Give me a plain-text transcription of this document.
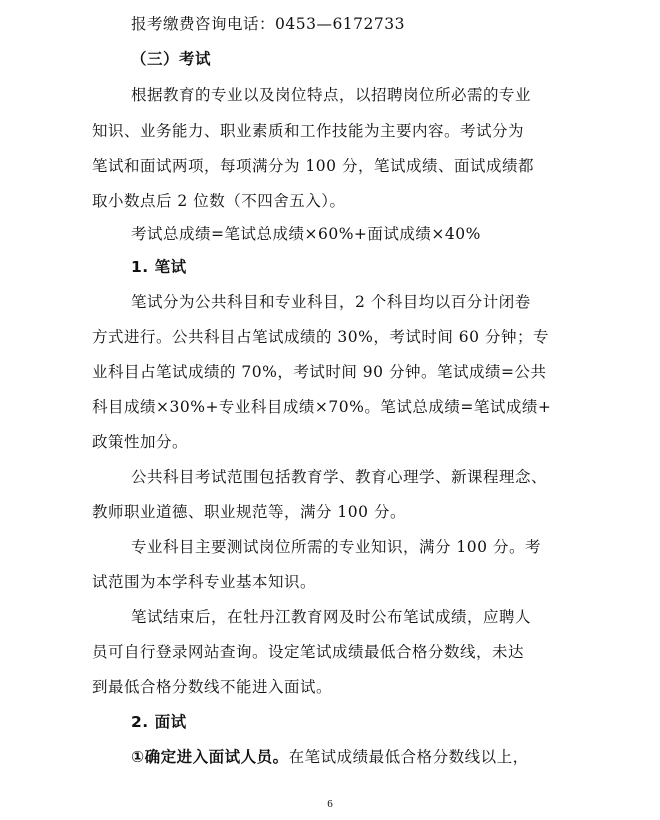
报考缴费咨询电话：0453—6172733
（三）考试
根据教育的专业以及岗位特点，以招聘岗位所必需的专业
知识、业务能力、职业素质和工作技能为主要内容。考试分为
笔试和面试两项，每项满分为 100 分，笔试成绩、面试成绩都
取小数点后 2 位数（不四舍五入）。
考试总成绩=笔试总成绩×60%+面试成绩×40%
1. 笔试
笔试分为公共科目和专业科目，2 个科目均以百分计闭卷
方式进行。公共科目占笔试成绩的 30%，考试时间 60 分钟；专
业科目占笔试成绩的 70%，考试时间 90 分钟。笔试成绩=公共
科目成绩×30%+专业科目成绩×70%。笔试总成绩=笔试成绩+
政策性加分。
公共科目考试范围包括教育学、教育心理学、新课程理念、
教师职业道德、职业规范等，满分 100 分。
专业科目主要测试岗位所需的专业知识，满分 100 分。考
试范围为本学科专业基本知识。
笔试结束后，在牡丹江教育网及时公布笔试成绩，应聘人
员可自行登录网站查询。设定笔试成绩最低合格分数线，未达
到最低合格分数线不能进入面试。
2. 面试
①确定进入面试人员。在笔试成绩最低合格分数线以上，
6
